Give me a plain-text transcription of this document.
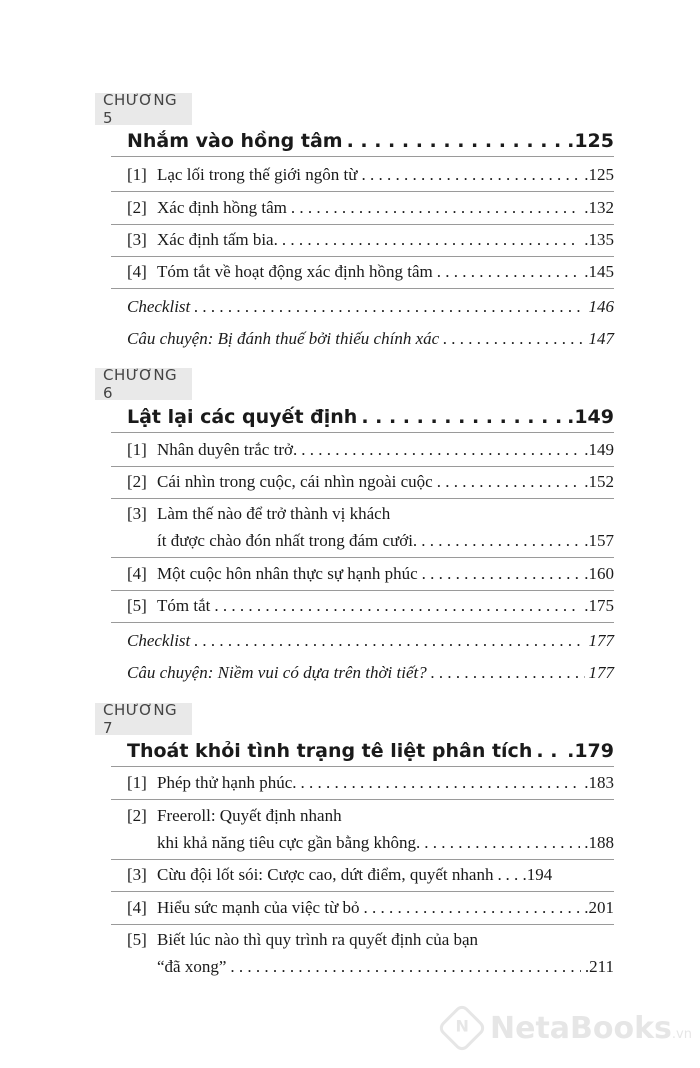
CHƯƠNG 5
Nhắm vào hồng tâm . . .	.125
[1] Lạc lối trong thế giới ngôn từ . . .	.125
[2] Xác định hồng tâm . . .	.132
[3] Xác định tấm bia. . . .	.135
[4] Tóm tắt về hoạt động xác định hồng tâm . . .	.145
Checklist . . .	146
Câu chuyện: Bị đánh thuế bởi thiếu chính xác . . .	147
CHƯƠNG 6
Lật lại các quyết định . . .	.149
[1] Nhân duyên trắc trở. . . .	.149
[2] Cái nhìn trong cuộc, cái nhìn ngoài cuộc . . .	.152
[3] Làm thế nào để trở thành vị khách
ít được chào đón nhất trong đám cưới. . . .	.157
[4] Một cuộc hôn nhân thực sự hạnh phúc . . .	.160
[5] Tóm tắt . . .	.175
Checklist . . .	177
Câu chuyện: Niềm vui có dựa trên thời tiết? . . .	177
CHƯƠNG 7
Thoát khỏi tình trạng tê liệt phân tích . . . .179
[1] Phép thử hạnh phúc. . . .	.183
[2] Freeroll: Quyết định nhanh
khi khả năng tiêu cực gần bằng không. . . .	.188
[3] Cừu đội lốt sói: Cược cao, dứt điểm, quyết nhanh . . . . . .194
[4] Hiểu sức mạnh của việc từ bỏ . . .	.201
[5] Biết lúc nào thì quy trình ra quyết định của bạn
“đã xong” . . .	.211
N NetaBooks.vn
